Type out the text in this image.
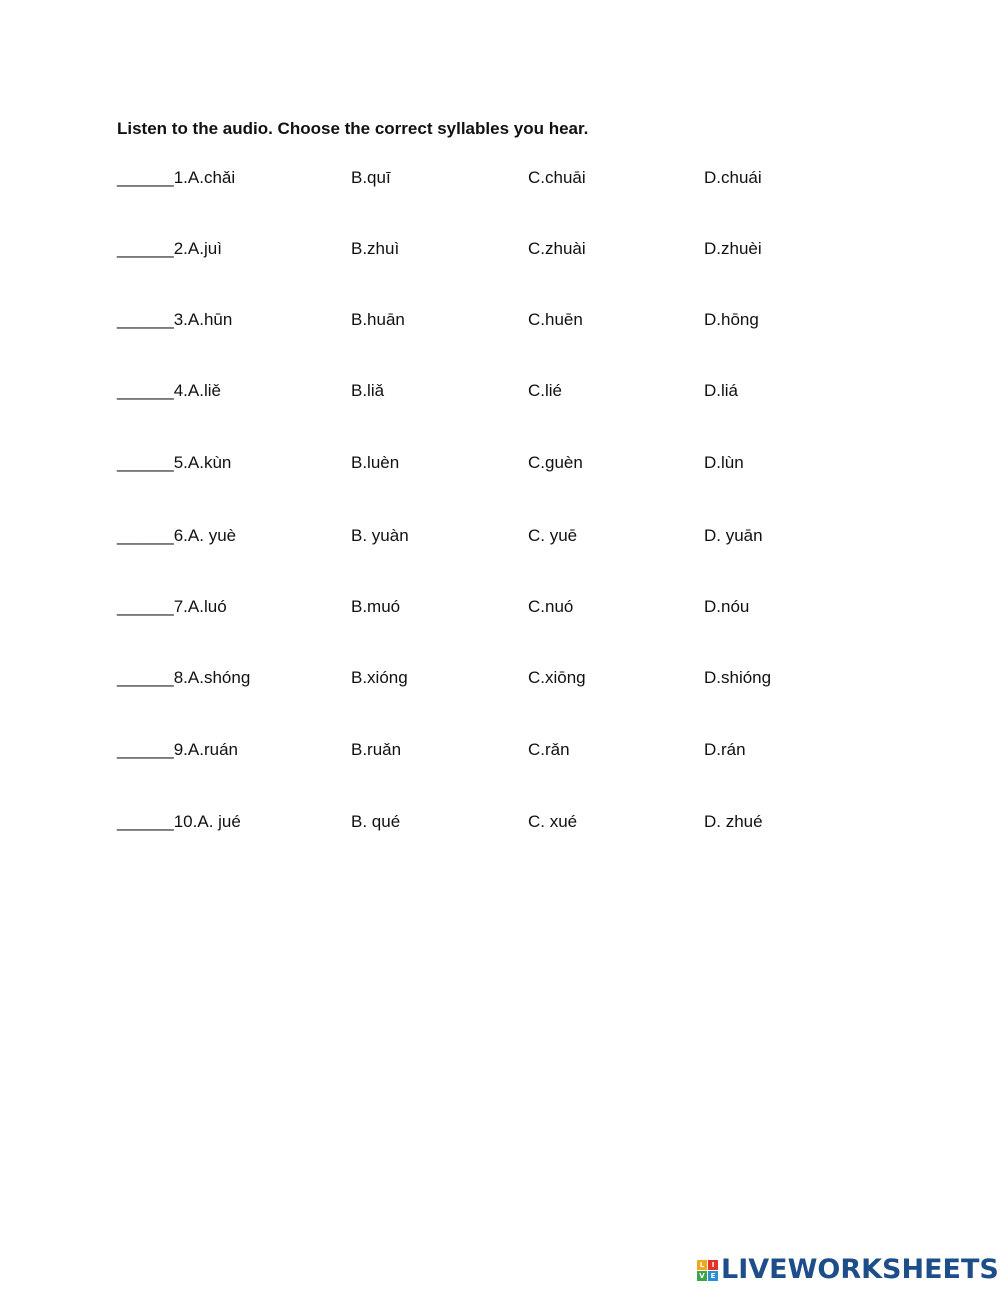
Listen to the audio. Choose the correct syllables you hear.
______1.A.chǎi	B.quī	C.chuāi	D.chuái
______2.A.juì	B.zhuì	C.zhuài	D.zhuèi
______3.A.hūn	B.huān	C.huēn	D.hōng
______4.A.liě	B.liǎ	C.lié	D.liá
______5.A.kùn	B.luèn	C.guèn	D.lùn
______6.A. yuè	B. yuàn	C. yuē	D. yuān
______7.A.luó	B.muó	C.nuó	D.nóu
______8.A.shóng	B.xióng	C.xiōng	D.shióng
______9.A.ruán	B.ruǎn	C.rǎn	D.rán
______10.A. jué	B. qué	C. xué	D. zhué
L	I
V E LIVEWORKSHEETS
